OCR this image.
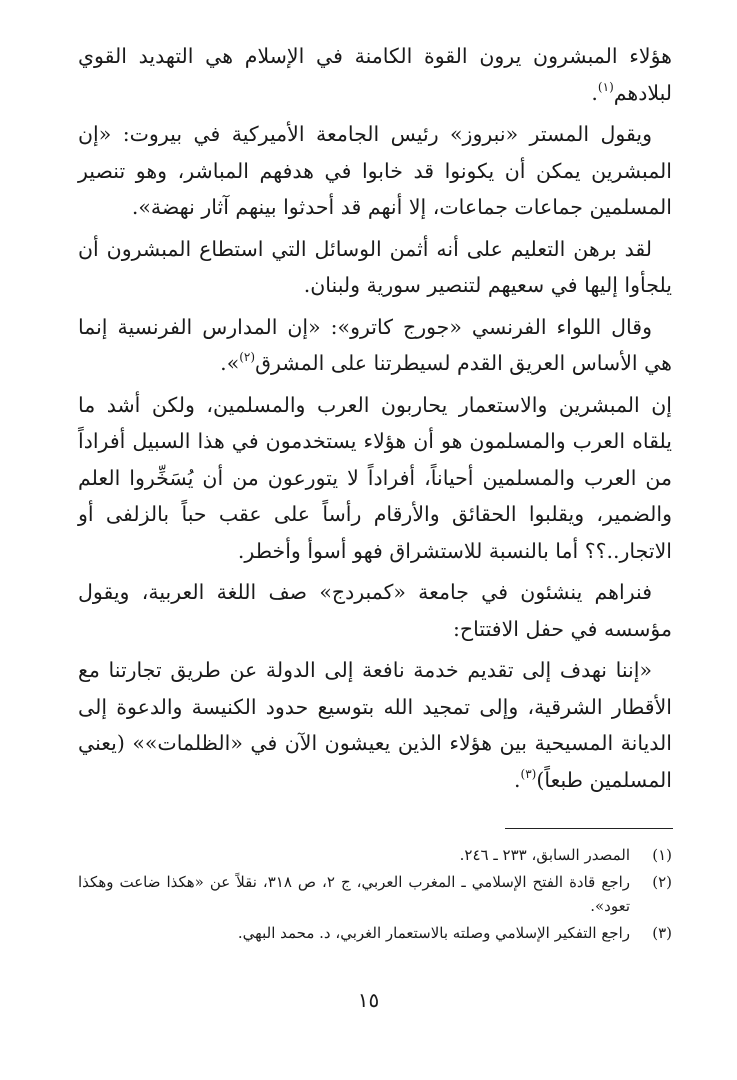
هؤلاء المبشرون يرون القوة الكامنة في الإسلام هي التهديد القوي لبلادهم$^{(١)}$.

ويقول المستر «نبروز» رئيس الجامعة الأميركية في بيروت: «إن المبشرين يمكن أن يكونوا قد خابوا في هدفهم المباشر، وهو تنصير المسلمين جماعات جماعات، إلا أنهم قد أحدثوا بينهم آثار نهضة».

لقد برهن التعليم على أنه أثمن الوسائل التي استطاع المبشرون أن يلجأوا إليها في سعيهم لتنصير سورية ولبنان.

وقال اللواء الفرنسي «جورج كاترو»: «إن المدارس الفرنسية إنما هي الأساس العريق القدم لسيطرتنا على المشرق$^{(٢)}$».

إن المبشرين والاستعمار يحاربون العرب والمسلمين، ولكن أشد ما يلقاه العرب والمسلمون هو أن هؤلاء يستخدمون في هذا السبيل أفراداً من العرب والمسلمين أحياناً، أفراداً لا يتورعون من أن يُسَخِّروا العلم والضمير، ويقلبوا الحقائق والأرقام رأساً على عقب حباً بالزلفى أو الاتجار..؟؟ أما بالنسبة للاستشراق فهو أسوأ وأخطر.

فنراهم ينشئون في جامعة «كمبردج» صف اللغة العربية، ويقول مؤسسه في حفل الافتتاح:

«إننا نهدف إلى تقديم خدمة نافعة إلى الدولة عن طريق تجارتنا مع الأقطار الشرقية، وإلى تمجيد الله بتوسيع حدود الكنيسة والدعوة إلى الديانة المسيحية بين هؤلاء الذين يعيشون الآن في «الظلمات»» (يعني المسلمين طبعاً)$^{(٣)}$.

(١)
المصدر السابق، ٢٣٣ ـ ٢٤٦.
(٢)
راجع قادة الفتح الإسلامي ـ المغرب العربي، ج ٢، ص ٣١٨، نقلاً عن «هكذا ضاعت وهكذا تعود».
(٣)
راجع التفكير الإسلامي وصلته بالاستعمار الغربي، د. محمد البهي.
١٥
